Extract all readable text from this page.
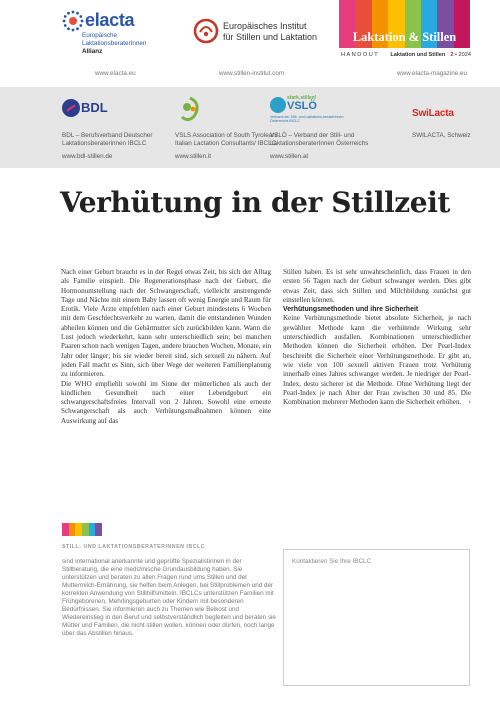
elacta
Europäische
LaktationsberaterInnen
Allianz
Europäisches Institut
für Stillen und Laktation	Laktation & Stillen
HANDOUT Laktation und Stillen 2 • 2024
www.elacta.eu	www.stillen-institut.com	www.elacta-magazine.eu
BDL
BDL – Berufsverband Deutscher Laktationsberaterinnen IBCLC
www.bdl-stillen.de
VSLS Association of South Tyrolean/ Italian Lactation Consultants/ IBCLC
www.stillen.it
stark.stillen!
VSLÖ
Verband der Still- und Laktations-beraterInnen Österreichs IBCLC
VSLÖ – Verband der Still- und LaktationsberaterInnen Österreichs
www.stillen.at
SwiLacta
SWILACTA, Schweiz
Verhütung in der Stillzeit

Nach einer Geburt braucht es in der Regel etwas Zeit, bis sich der Alltag als Familie einspielt. Die Regenerationsphase nach der Geburt, die Hormonumstellung nach der Schwangerschaft, vielleicht anstrengende Tage und Nächte mit einem Baby lassen oft wenig Energie und Raum für Erotik. Viele Ärzte empfehlen nach einer Geburt mindestens 6 Wochen mit dem Geschlechtsverkehr zu warten, damit die entstandenen Wunden abheilen können und die Gebärmutter sich zurückbilden kann. Wann die Lust jedoch wiederkehrt, kann sehr unterschiedlich sein; bei manchen Paaren schon nach wenigen Tagen, andere brauchen Wochen, Monate, ein Jahr oder länger; bis sie wieder bereit sind, sich sexuell zu nähern. Auf jeden Fall macht es Sinn, sich über Wege der weiteren Familienplanung zu informieren.

Die WHO empfiehlt sowohl im Sinne der mütterlichen als auch der kindlichen Gesundheit nach einer Lebendgeburt ein schwangerschaftsfreies Intervall von 2 Jahren. Sowohl eine erneute Schwangerschaft als auch Verhütungsmaßnahmen können eine Auswirkung auf das

Stillen haben. Es ist sehr unwahrscheinlich, dass Frauen in den ersten 56 Tagen nach der Geburt schwanger werden. Dies gibt etwas Zeit, dass sich Stillen und Milchbildung zunächst gut einstellen können.

Verhütungsmethoden und ihre Sicherheit

Keine Verhütungsmethode bietet absolute Sicherheit, je nach gewählter Methode kann die verhütende Wirkung sehr unterschiedlich ausfallen. Kombinationen unterschiedlicher Methoden können die Sicherheit erhöhen. Der Pearl-Index beschreibt die Sicherheit einer Verhütungsmethode. Er gibt an, wie viele von 100 sexuell aktiven Frauen trotz Verhütung innerhalb eines Jahres schwanger werden. Je niedriger der Pearl-Index, desto sicherer ist die Methode. Ohne Verhütung liegt der Pearl-Index je nach Alter der Frau zwischen 30 und 85. Die Kombination mehrerer Methoden kann die Sicherheit erhöhen. ›

STILL- UND LAKTATIONSBERATERINNEN IBCLC
sind international anerkannte und geprüfte Spezialistinnen in der Stillberatung, die eine medizinische Grundausbildung haben. Sie unterstützen und beraten zu allen Fragen rund ums Stillen und der Muttermilch-Ernährung, sie helfen beim Anlegen, bei Stillproblemen und der korrekten Anwendung von Stillhilfsmitteln. IBCLCs unterstützen Familien mit Frühgeborenen, Mehrlingsgeburten oder Kindern mit besonderen Bedürfnissen. Sie informieren auch zu Themen wie Beikost und Wiedereinstieg in den Beruf und selbstverständlich begleiten und beraten sie Mütter und Familien, die nicht stillen wollen, können oder dürfen, noch lange über das Abstillen hinaus.
Kontaktieren Sie Ihre IBCLC
